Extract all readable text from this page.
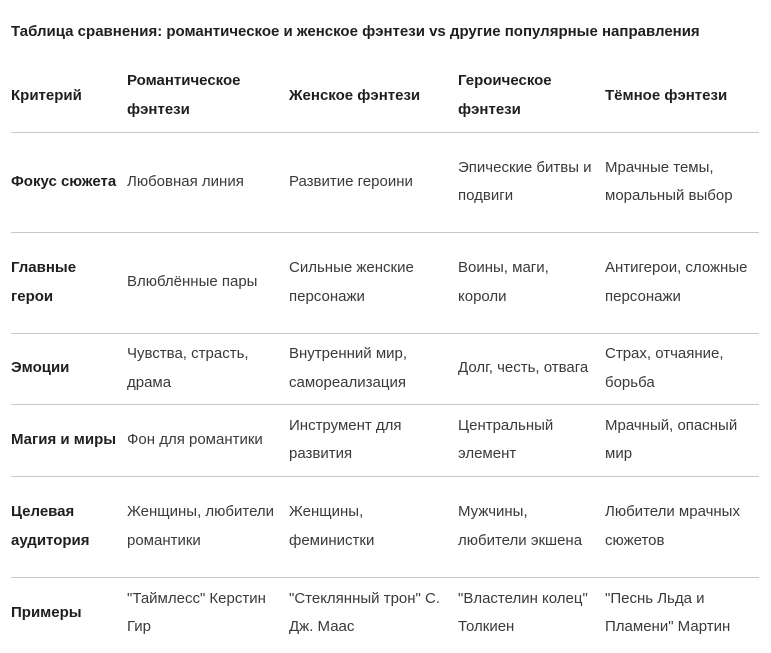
Таблица сравнения: романтическое и женское фэнтези vs другие популярные направления
Критерий	Романтическое фэнтези	Женское фэнтези	Героическое фэнтези	Тёмное фэнтези
Фокус сюжета	Любовная линия	Развитие героини	Эпические битвы и подвиги	Мрачные темы, моральный выбор
Главные герои	Влюблённые пары	Сильные женские персонажи	Воины, маги, короли	Антигерои, сложные персонажи
Эмоции	Чувства, страсть, драма	Внутренний мир, самореализация	Долг, честь, отвага	Страх, отчаяние, борьба
Магия и миры	Фон для романтики	Инструмент для развития	Центральный элемент	Мрачный, опасный мир
Целевая аудитория	Женщины, любители романтики	Женщины, феминистки	Мужчины, любители экшена	Любители мрачных сюжетов
Примеры	"Таймлесс" Керстин Гир	"Стеклянный трон" С. Дж. Маас	"Властелин колец" Толкиен	"Песнь Льда и Пламени" Мартин
